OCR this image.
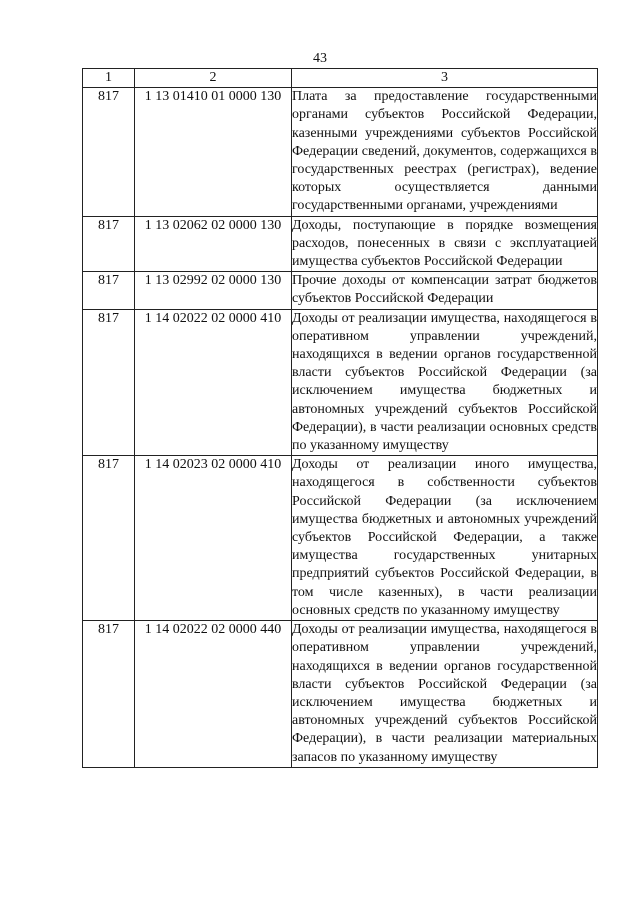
43
1	2	3
817	1 13 01410 01 0000 130	Плата за предоставление государственными органами субъектов Российской Федерации, казенными учреждениями субъектов Российской Федерации сведений, документов, содержащихся в государственных реестрах (регистрах), ведение которых осуществляется данными государственными органами, учреждениями
817	1 13 02062 02 0000 130	Доходы, поступающие в порядке возмещения расходов, понесенных в связи с эксплуатацией имущества субъектов Российской Федерации
817	1 13 02992 02 0000 130	Прочие доходы от компенсации затрат бюджетов субъектов Российской Федерации
817	1 14 02022 02 0000 410	Доходы от реализации имущества, находящегося в оперативном управлении учреждений, находящихся в ведении органов государственной власти субъектов Российской Федерации (за исключением имущества бюджетных и автономных учреждений субъектов Российской Федерации), в части реализации основных средств по указанному имуществу
817	1 14 02023 02 0000 410	Доходы от реализации иного имущества, находящегося в собственности субъектов Российской Федерации (за исключением имущества бюджетных и автономных учреждений субъектов Российской Федерации, а также имущества государственных унитарных предприятий субъектов Российской Федерации, в том числе казенных), в части реализации основных средств по указанному имуществу
817	1 14 02022 02 0000 440	Доходы от реализации имущества, находящегося в оперативном управлении учреждений, находящихся в ведении органов государственной власти субъектов Российской Федерации (за исключением имущества бюджетных и автономных учреждений субъектов Российской Федерации), в части реализации материальных запасов по указанному имуществу
